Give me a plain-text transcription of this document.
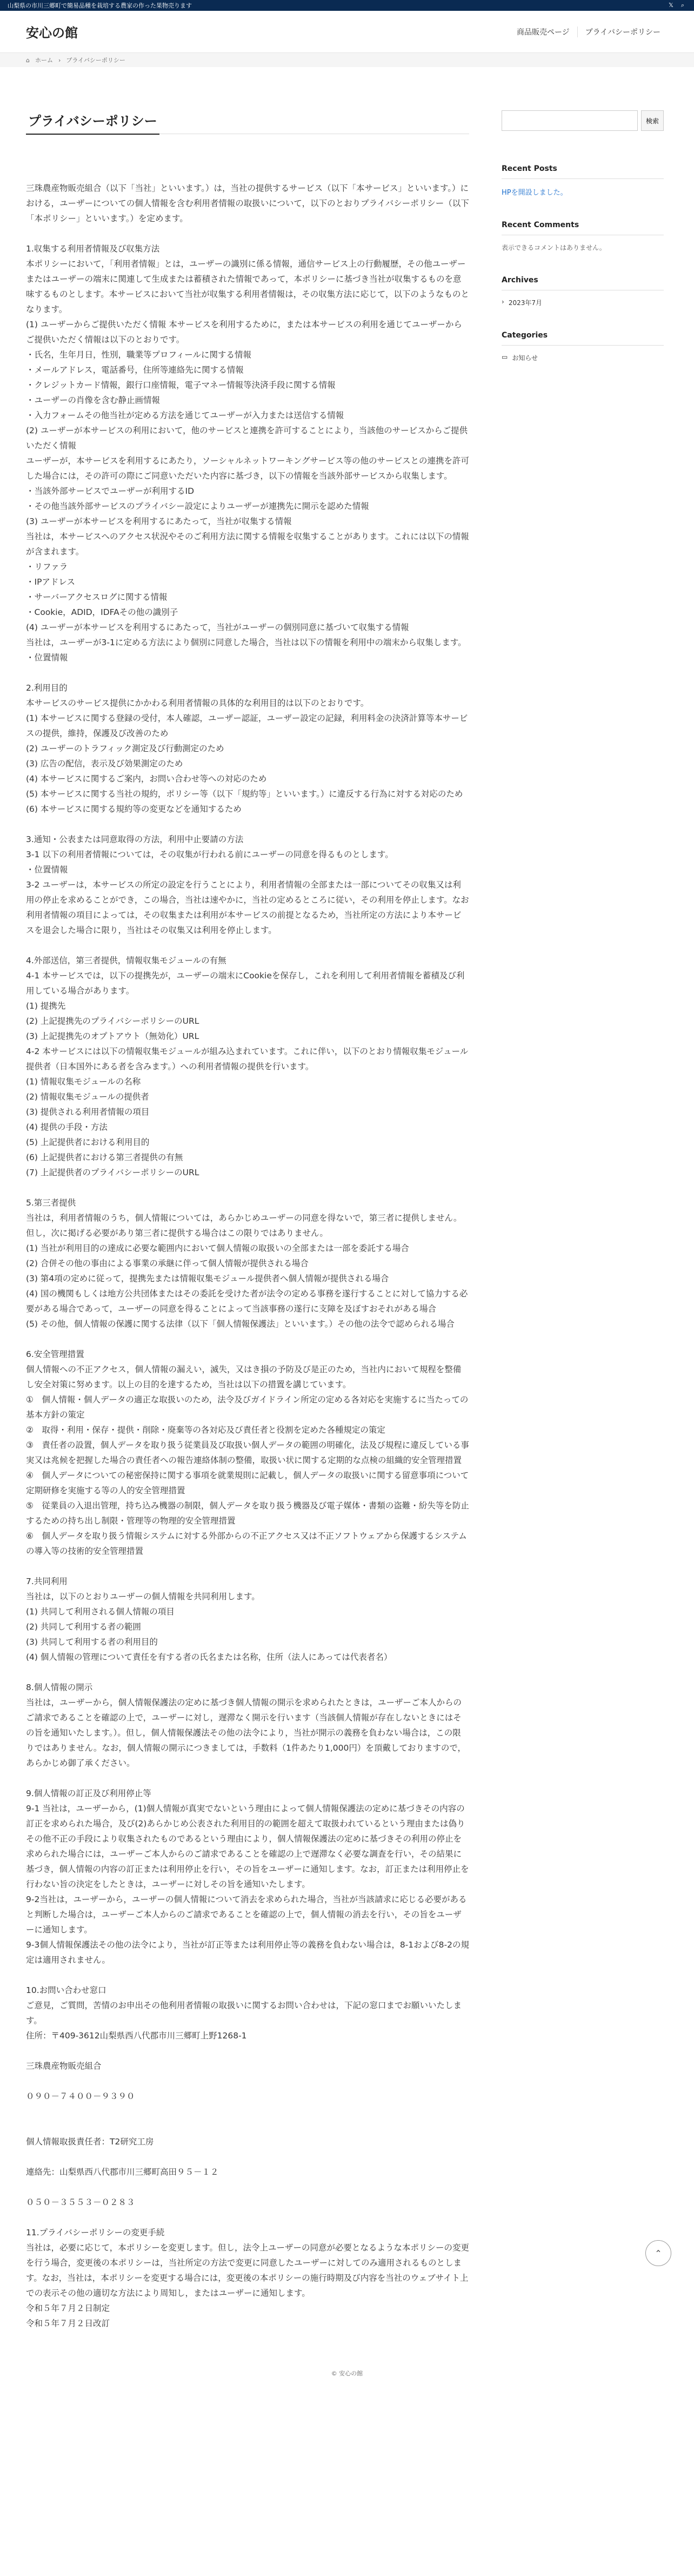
山梨県の市川三郷町で簡易品種を栽培する農家の作った果物売ります	𝕏 ⌕
安心の館	商品販売ページ	プライバシーポリシー
⌂ ホーム › プライバシーポリシー
プライバシーポリシー
三珠農産物販売組合（以下「当社」といいます。）は，当社の提供するサービス（以下「本サービス」といいます。）における，ユーザーについての個人情報を含む利用者情報の取扱いについて，以下のとおりプライバシーポリシー（以下「本ポリシー」といいます。）を定めます。

1.収集する利用者情報及び収集方法
本ポリシーにおいて，「利用者情報」とは，ユーザーの識別に係る情報，通信サービス上の行動履歴，その他ユーザーまたはユーザーの端末に関連して生成または蓄積された情報であって，本ポリシーに基づき当社が収集するものを意味するものとします。本サービスにおいて当社が収集する利用者情報は，その収集方法に応じて，以下のようなものとなります。
(1) ユーザーからご提供いただく情報 本サービスを利用するために，または本サービスの利用を通じてユーザーからご提供いただく情報は以下のとおりです。
・氏名，生年月日，性別，職業等プロフィールに関する情報
・メールアドレス，電話番号，住所等連絡先に関する情報
・クレジットカード情報，銀行口座情報，電子マネー情報等決済手段に関する情報
・ユーザーの肖像を含む静止画情報
・入力フォームその他当社が定める方法を通じてユーザーが入力または送信する情報
(2) ユーザーが本サービスの利用において，他のサービスと連携を許可することにより，当該他のサービスからご提供いただく情報
ユーザーが，本サービスを利用するにあたり，ソーシャルネットワーキングサービス等の他のサービスとの連携を許可した場合には，その許可の際にご同意いただいた内容に基づき，以下の情報を当該外部サービスから収集します。
・当該外部サービスでユーザーが利用するID
・その他当該外部サービスのプライバシー設定によりユーザーが連携先に開示を認めた情報
(3) ユーザーが本サービスを利用するにあたって，当社が収集する情報
当社は，本サービスへのアクセス状況やそのご利用方法に関する情報を収集することがあります。これには以下の情報が含まれます。
・リファラ
・IPアドレス
・サーバーアクセスログに関する情報
・Cookie，ADID，IDFAその他の識別子
(4) ユーザーが本サービスを利用するにあたって，当社がユーザーの個別同意に基づいて収集する情報
当社は，ユーザーが3-1に定める方法により個別に同意した場合，当社は以下の情報を利用中の端末から収集します。
・位置情報

2.利用目的
本サービスのサービス提供にかかわる利用者情報の具体的な利用目的は以下のとおりです。
(1) 本サービスに関する登録の受付，本人確認，ユーザー認証，ユーザー設定の記録，利用料金の決済計算等本サービスの提供，維持，保護及び改善のため
(2) ユーザーのトラフィック測定及び行動測定のため
(3) 広告の配信，表示及び効果測定のため
(4) 本サービスに関するご案内，お問い合わせ等への対応のため
(5) 本サービスに関する当社の規約，ポリシー等（以下「規約等」といいます。）に違反する行為に対する対応のため
(6) 本サービスに関する規約等の変更などを通知するため

3.通知・公表または同意取得の方法，利用中止要請の方法
3-1 以下の利用者情報については，その収集が行われる前にユーザーの同意を得るものとします。
・位置情報
3-2 ユーザーは，本サービスの所定の設定を行うことにより，利用者情報の全部または一部についてその収集又は利用の停止を求めることができ，この場合，当社は速やかに，当社の定めるところに従い，その利用を停止します。なお利用者情報の項目によっては，その収集または利用が本サービスの前提となるため，当社所定の方法により本サービスを退会した場合に限り，当社はその収集又は利用を停止します。

4.外部送信，第三者提供，情報収集モジュールの有無
4-1 本サービスでは，以下の提携先が，ユーザーの端末にCookieを保存し，これを利用して利用者情報を蓄積及び利用している場合があります。
(1) 提携先
(2) 上記提携先のプライバシーポリシーのURL
(3) 上記提携先のオプトアウト（無効化）URL
4-2 本サービスには以下の情報収集モジュールが組み込まれています。これに伴い，以下のとおり情報収集モジュール提供者（日本国外にある者を含みます。）への利用者情報の提供を行います。
(1) 情報収集モジュールの名称
(2) 情報収集モジュールの提供者
(3) 提供される利用者情報の項目
(4) 提供の手段・方法
(5) 上記提供者における利用目的
(6) 上記提供者における第三者提供の有無
(7) 上記提供者のプライバシーポリシーのURL

5.第三者提供
当社は，利用者情報のうち，個人情報については，あらかじめユーザーの同意を得ないで，第三者に提供しません。但し，次に掲げる必要があり第三者に提供する場合はこの限りではありません。
(1) 当社が利用目的の達成に必要な範囲内において個人情報の取扱いの全部または一部を委託する場合
(2) 合併その他の事由による事業の承継に伴って個人情報が提供される場合
(3) 第4項の定めに従って，提携先または情報収集モジュール提供者へ個人情報が提供される場合
(4) 国の機関もしくは地方公共団体またはその委託を受けた者が法令の定める事務を遂行することに対して協力する必要がある場合であって，ユーザーの同意を得ることによって当該事務の遂行に支障を及ぼすおそれがある場合
(5) その他，個人情報の保護に関する法律（以下「個人情報保護法」といいます。）その他の法令で認められる場合

6.安全管理措置
個人情報への不正アクセス，個人情報の漏えい，滅失，又はき損の予防及び是正のため，当社内において規程を整備し安全対策に努めます。以上の目的を達するため，当社は以下の措置を講じています。
①　個人情報・個人データの適正な取扱いのため，法令及びガイドライン所定の定める各対応を実施するに当たっての基本方針の策定
②　取得・利用・保存・提供・削除・廃棄等の各対応及び責任者と役割を定めた各種規定の策定
③　責任者の設置，個人データを取り扱う従業員及び取扱い個人データの範囲の明確化，法及び規程に違反している事実又は兆候を把握した場合の責任者への報告連絡体制の整備，取扱い状に関する定期的な点検の組織的安全管理措置
④　個人データについての秘密保持に関する事項を就業規則に記載し，個人データの取扱いに関する留意事項について定期研修を実施する等の人的安全管理措置
⑤　従業員の入退出管理，持ち込み機器の制限，個人データを取り扱う機器及び電子媒体・書類の盗難・紛失等を防止するための持ち出し制限・管理等の物理的安全管理措置
⑥　個人データを取り扱う情報システムに対する外部からの不正アクセス又は不正ソフトウェアから保護するシステムの導入等の技術的安全管理措置

7.共同利用
当社は，以下のとおりユーザーの個人情報を共同利用します。
(1) 共同して利用される個人情報の項目
(2) 共同して利用する者の範囲
(3) 共同して利用する者の利用目的
(4) 個人情報の管理について責任を有する者の氏名または名称，住所（法人にあっては代表者名）

8.個人情報の開示
当社は，ユーザーから，個人情報保護法の定めに基づき個人情報の開示を求められたときは，ユーザーご本人からのご請求であることを確認の上で，ユーザーに対し，遅滞なく開示を行います（当該個人情報が存在しないときにはその旨を通知いたします。）。但し，個人情報保護法その他の法令により，当社が開示の義務を負わない場合は，この限りではありません。なお，個人情報の開示につきましては，手数料（1件あたり1,000円）を頂戴しておりますので，あらかじめ御了承ください。

9.個人情報の訂正及び利用停止等
9-1 当社は，ユーザーから，(1)個人情報が真実でないという理由によって個人情報保護法の定めに基づきその内容の訂正を求められた場合，及び(2)あらかじめ公表された利用目的の範囲を超えて取扱われているという理由または偽りその他不正の手段により収集されたものであるという理由により，個人情報保護法の定めに基づきその利用の停止を求められた場合には，ユーザーご本人からのご請求であることを確認の上で遅滞なく必要な調査を行い，その結果に基づき，個人情報の内容の訂正または利用停止を行い，その旨をユーザーに通知します。なお，訂正または利用停止を行わない旨の決定をしたときは，ユーザーに対しその旨を通知いたします。
9-2当社は，ユーザーから，ユーザーの個人情報について消去を求められた場合，当社が当該請求に応じる必要があると判断した場合は，ユーザーご本人からのご請求であることを確認の上で，個人情報の消去を行い，その旨をユーザーに通知します。
9-3個人情報保護法その他の法令により，当社が訂正等または利用停止等の義務を負わない場合は，8-1および8-2の規定は適用されません。

10.お問い合わせ窓口
ご意見，ご質問，苦情のお申出その他利用者情報の取扱いに関するお問い合わせは，下記の窓口までお願いいたします。
住所：〒409-3612山梨県西八代郡市川三郷町上野1268-1

三珠農産物販売組合

０９０－７４００－９３９０

個人情報取扱責任者：T2研究工房

連絡先：山梨県西八代郡市川三郷町高田９５－１２

０５０－３５５３－０２８３

11.プライバシーポリシーの変更手続
当社は，必要に応じて，本ポリシーを変更します。但し，法令上ユーザーの同意が必要となるような本ポリシーの変更を行う場合，変更後の本ポリシーは，当社所定の方法で変更に同意したユーザーに対してのみ適用されるものとします。なお，当社は，本ポリシーを変更する場合には，変更後の本ポリシーの施行時期及び内容を当社のウェブサイト上での表示その他の適切な方法により周知し，またはユーザーに通知します。
令和５年７月２日制定
令和５年７月２日改訂
検索
Recent Posts
HPを開設しました。
Recent Comments
表示できるコメントはありません。
Archives
› 2023年7月
Categories
▭ お知らせ
© 安心の館
⌃
